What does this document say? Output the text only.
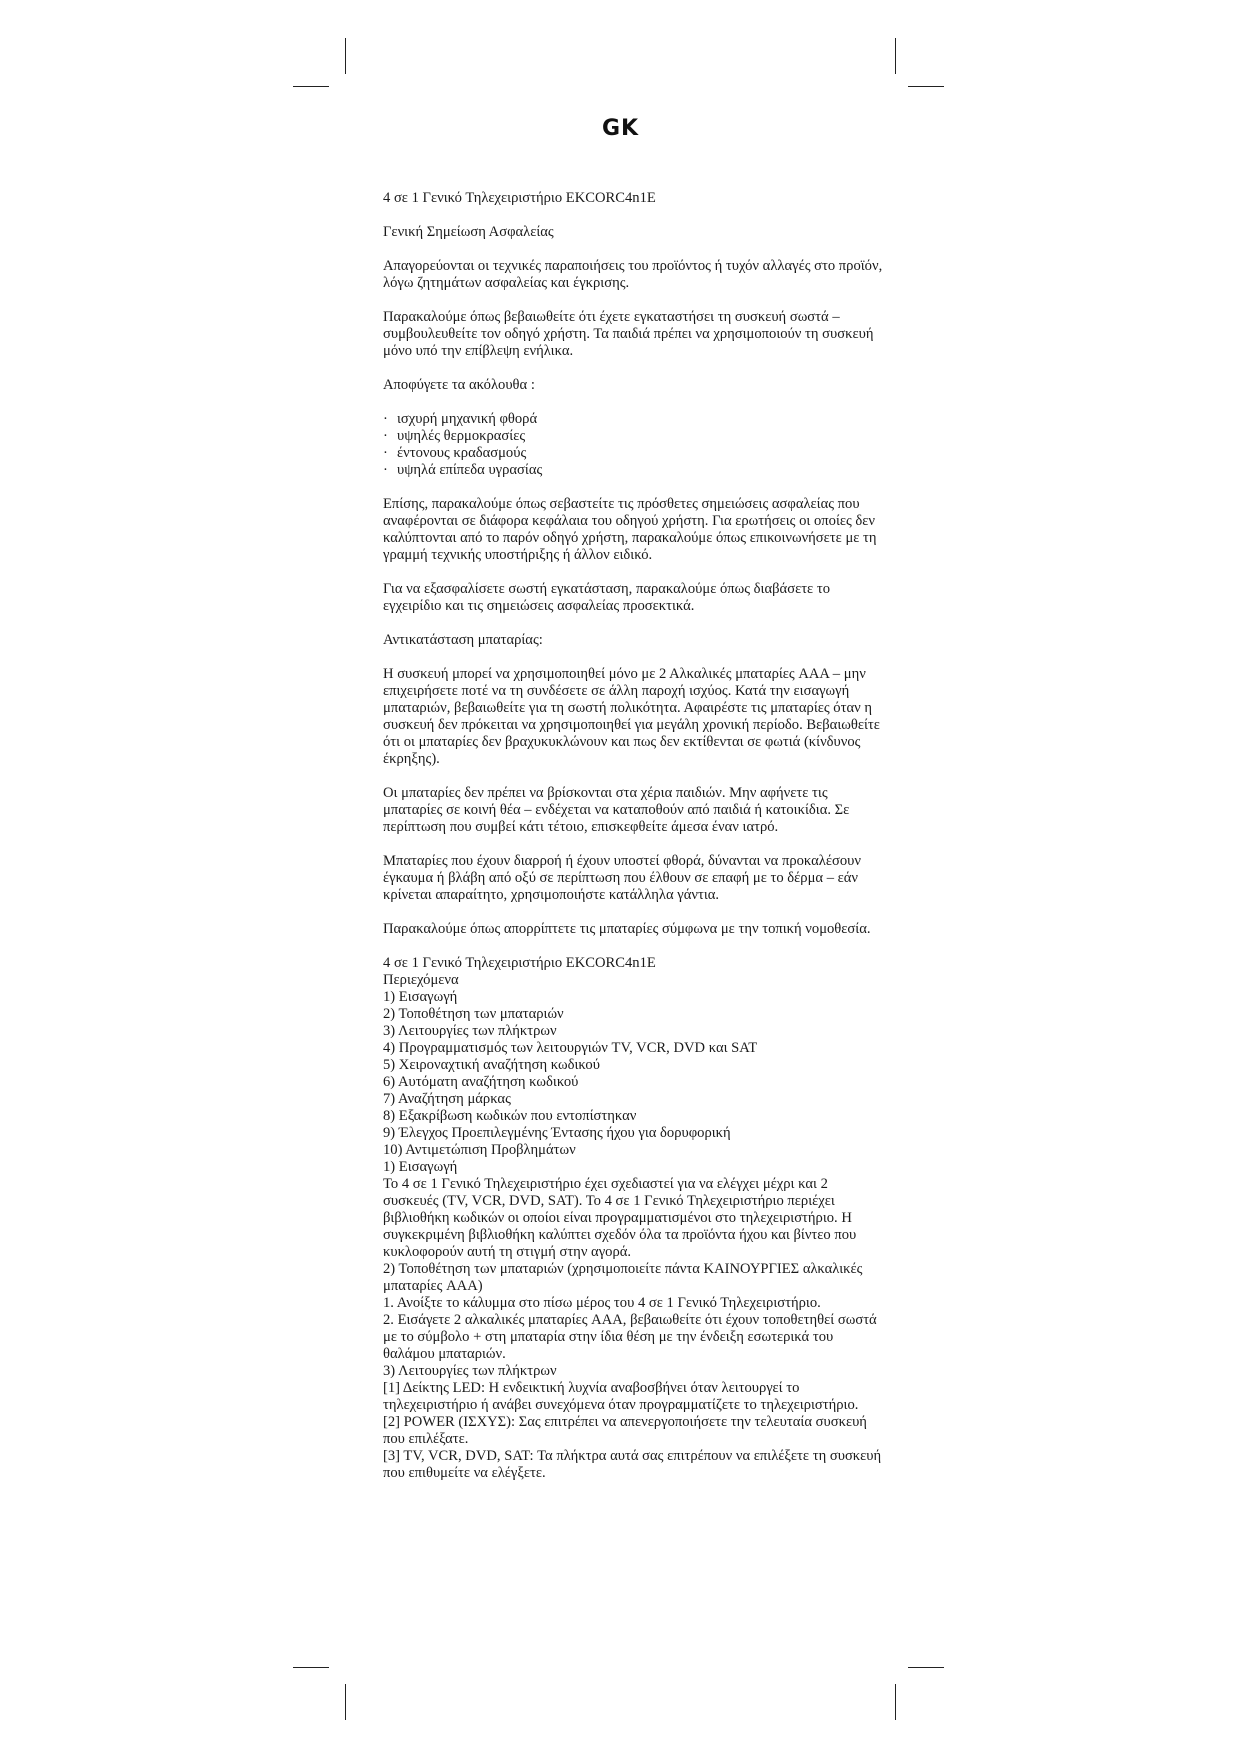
GK

4 σε 1 Γενικό Τηλεχειριστήριο EKCORC4n1E

Γενική Σημείωση Ασφαλείας

Απαγορεύονται οι τεχνικές παραποιήσεις του προϊόντος ή τυχόν αλλαγές στο προϊόν, λόγω ζητημάτων ασφαλείας και έγκρισης.

Παρακαλούμε όπως βεβαιωθείτε ότι έχετε εγκαταστήσει τη συσκευή σωστά – συμβουλευθείτε τον οδηγό χρήστη. Τα παιδιά πρέπει να χρησιμοποιούν τη συσκευή μόνο υπό την επίβλεψη ενήλικα.

Αποφύγετε τα ακόλουθα :

· ισχυρή μηχανική φθορά
· υψηλές θερμοκρασίες
· έντονους κραδασμούς
· υψηλά επίπεδα υγρασίας

Επίσης, παρακαλούμε όπως σεβαστείτε τις πρόσθετες σημειώσεις ασφαλείας που αναφέρονται σε διάφορα κεφάλαια του οδηγού χρήστη. Για ερωτήσεις οι οποίες δεν καλύπτονται από το παρόν οδηγό χρήστη, παρακαλούμε όπως επικοινωνήσετε με τη γραμμή τεχνικής υποστήριξης ή άλλον ειδικό.

Για να εξασφαλίσετε σωστή εγκατάσταση, παρακαλούμε όπως διαβάσετε το εγχειρίδιο και τις σημειώσεις ασφαλείας προσεκτικά.

Αντικατάσταση μπαταρίας:

Η συσκευή μπορεί να χρησιμοποιηθεί μόνο με 2 Αλκαλικές μπαταρίες AAA – μην επιχειρήσετε ποτέ να τη συνδέσετε σε άλλη παροχή ισχύος. Κατά την εισαγωγή μπαταριών, βεβαιωθείτε για τη σωστή πολικότητα. Αφαιρέστε τις μπαταρίες όταν η συσκευή δεν πρόκειται να χρησιμοποιηθεί για μεγάλη χρονική περίοδο. Βεβαιωθείτε ότι οι μπαταρίες δεν βραχυκυκλώνουν και πως δεν εκτίθενται σε φωτιά (κίνδυνος έκρηξης).

Οι μπαταρίες δεν πρέπει να βρίσκονται στα χέρια παιδιών. Μην αφήνετε τις μπαταρίες σε κοινή θέα – ενδέχεται να καταποθούν από παιδιά ή κατοικίδια. Σε περίπτωση που συμβεί κάτι τέτοιο, επισκεφθείτε άμεσα έναν ιατρό.

Μπαταρίες που έχουν διαρροή ή έχουν υποστεί φθορά, δύνανται να προκαλέσουν έγκαυμα ή βλάβη από οξύ σε περίπτωση που έλθουν σε επαφή με το δέρμα – εάν κρίνεται απαραίτητο, χρησιμοποιήστε κατάλληλα γάντια.

Παρακαλούμε όπως απορρίπτετε τις μπαταρίες σύμφωνα με την τοπική νομοθεσία.

4 σε 1 Γενικό Τηλεχειριστήριο EKCORC4n1E
Περιεχόμενα
1) Εισαγωγή
2) Τοποθέτηση των μπαταριών
3) Λειτουργίες των πλήκτρων
4) Προγραμματισμός των λειτουργιών TV, VCR, DVD και SAT
5) Χειροναχτική αναζήτηση κωδικού
6) Αυτόματη αναζήτηση κωδικού
7) Αναζήτηση μάρκας
8) Εξακρίβωση κωδικών που εντοπίστηκαν
9) Έλεγχος Προεπιλεγμένης Έντασης ήχου για δορυφορική
10) Αντιμετώπιση Προβλημάτων
1) Εισαγωγή
Το 4 σε 1 Γενικό Τηλεχειριστήριο έχει σχεδιαστεί για να ελέγχει μέχρι και 2 συσκευές (TV, VCR, DVD, SAT). Το 4 σε 1 Γενικό Τηλεχειριστήριο περιέχει βιβλιοθήκη κωδικών οι οποίοι είναι προγραμματισμένοι στο τηλεχειριστήριο. Η συγκεκριμένη βιβλιοθήκη καλύπτει σχεδόν όλα τα προϊόντα ήχου και βίντεο που κυκλοφορούν αυτή τη στιγμή στην αγορά.
2) Τοποθέτηση των μπαταριών (χρησιμοποιείτε πάντα ΚΑΙΝΟΥΡΓΙΕΣ αλκαλικές μπαταρίες AAA)
1. Ανοίξτε το κάλυμμα στο πίσω μέρος του 4 σε 1 Γενικό Τηλεχειριστήριο.
2. Εισάγετε 2 αλκαλικές μπαταρίες AAA, βεβαιωθείτε ότι έχουν τοποθετηθεί σωστά με το σύμβολο + στη μπαταρία στην ίδια θέση με την ένδειξη εσωτερικά του θαλάμου μπαταριών.
3) Λειτουργίες των πλήκτρων
[1] Δείκτης LED: Η ενδεικτική λυχνία αναβοσβήνει όταν λειτουργεί το τηλεχειριστήριο ή ανάβει συνεχόμενα όταν προγραμματίζετε το τηλεχειριστήριο.
[2] POWER (ΙΣΧΥΣ): Σας επιτρέπει να απενεργοποιήσετε την τελευταία συσκευή που επιλέξατε.
[3] TV, VCR, DVD, SAT: Τα πλήκτρα αυτά σας επιτρέπουν να επιλέξετε τη συσκευή που επιθυμείτε να ελέγξετε.
